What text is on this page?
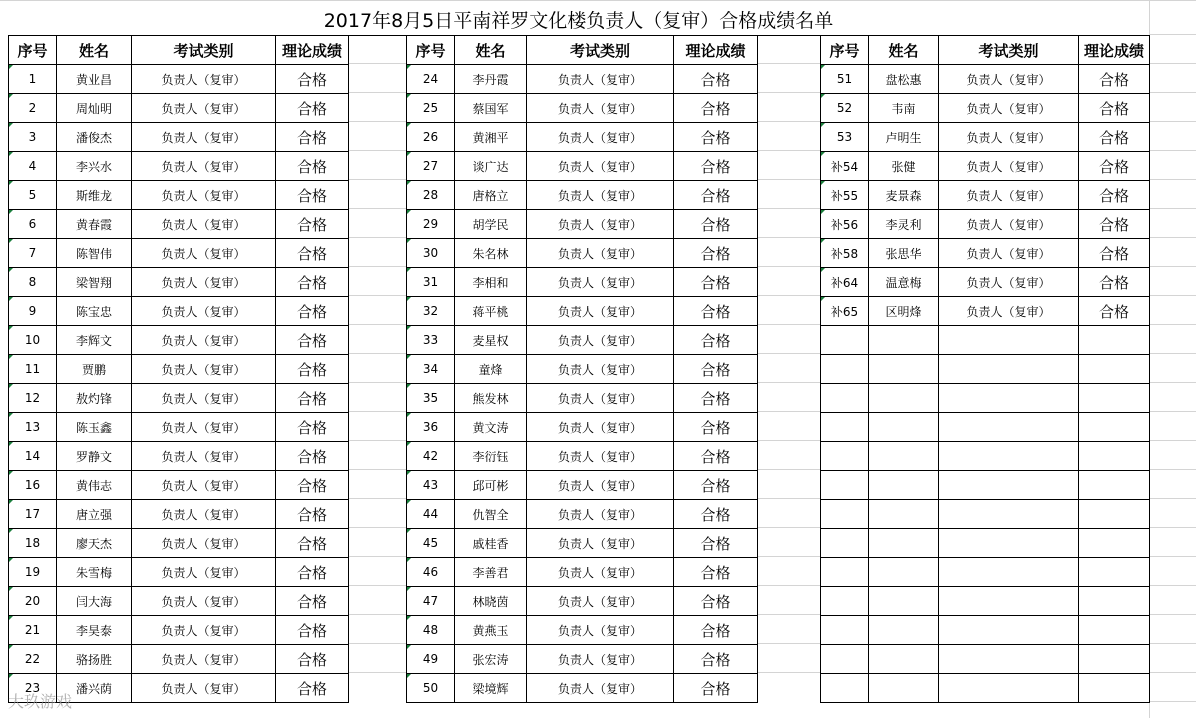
2017年8月5日平南祥罗文化楼负责人（复审）合格成绩名单
序号	姓名	考试类别	理论成绩
1	黄业昌	负责人（复审）	合格
2	周灿明	负责人（复审）	合格
3	潘俊杰	负责人（复审）	合格
4	李兴水	负责人（复审）	合格
5	斯维龙	负责人（复审）	合格
6	黄春霞	负责人（复审）	合格
7	陈智伟	负责人（复审）	合格
8	梁智翔	负责人（复审）	合格
9	陈宝忠	负责人（复审）	合格
10	李辉文	负责人（复审）	合格
11	贾鹏	负责人（复审）	合格
12	敖灼锋	负责人（复审）	合格
13	陈玉鑫	负责人（复审）	合格
14	罗静文	负责人（复审）	合格
16	黄伟志	负责人（复审）	合格
17	唐立强	负责人（复审）	合格
18	廖天杰	负责人（复审）	合格
19	朱雪梅	负责人（复审）	合格
20	闫大海	负责人（复审）	合格
21	李昊泰	负责人（复审）	合格
22	骆扬胜	负责人（复审）	合格
23	潘兴荫	负责人（复审）	合格
序号	姓名	考试类别	理论成绩
24	李丹霞	负责人（复审）	合格
25	蔡国军	负责人（复审）	合格
26	黄湘平	负责人（复审）	合格
27	谈广达	负责人（复审）	合格
28	唐格立	负责人（复审）	合格
29	胡学民	负责人（复审）	合格
30	朱名林	负责人（复审）	合格
31	李相和	负责人（复审）	合格
32	蒋平桃	负责人（复审）	合格
33	麦星权	负责人（复审）	合格
34	童烽	负责人（复审）	合格
35	熊发林	负责人（复审）	合格
36	黄文涛	负责人（复审）	合格
42	李衍钰	负责人（复审）	合格
43	邱可彬	负责人（复审）	合格
44	仇智全	负责人（复审）	合格
45	戚桂香	负责人（复审）	合格
46	李善君	负责人（复审）	合格
47	林晓茵	负责人（复审）	合格
48	黄燕玉	负责人（复审）	合格
49	张宏涛	负责人（复审）	合格
50	梁境辉	负责人（复审）	合格
序号	姓名	考试类别	理论成绩
51	盘松惠	负责人（复审）	合格
52	韦南	负责人（复审）	合格
53	卢明生	负责人（复审）	合格
补54	张健	负责人（复审）	合格
补55	麦景森	负责人（复审）	合格
补56	李灵利	负责人（复审）	合格
补58	张思华	负责人（复审）	合格
补64	温意梅	负责人（复审）	合格
补65	区明烽	负责人（复审）	合格

大玖游戏
